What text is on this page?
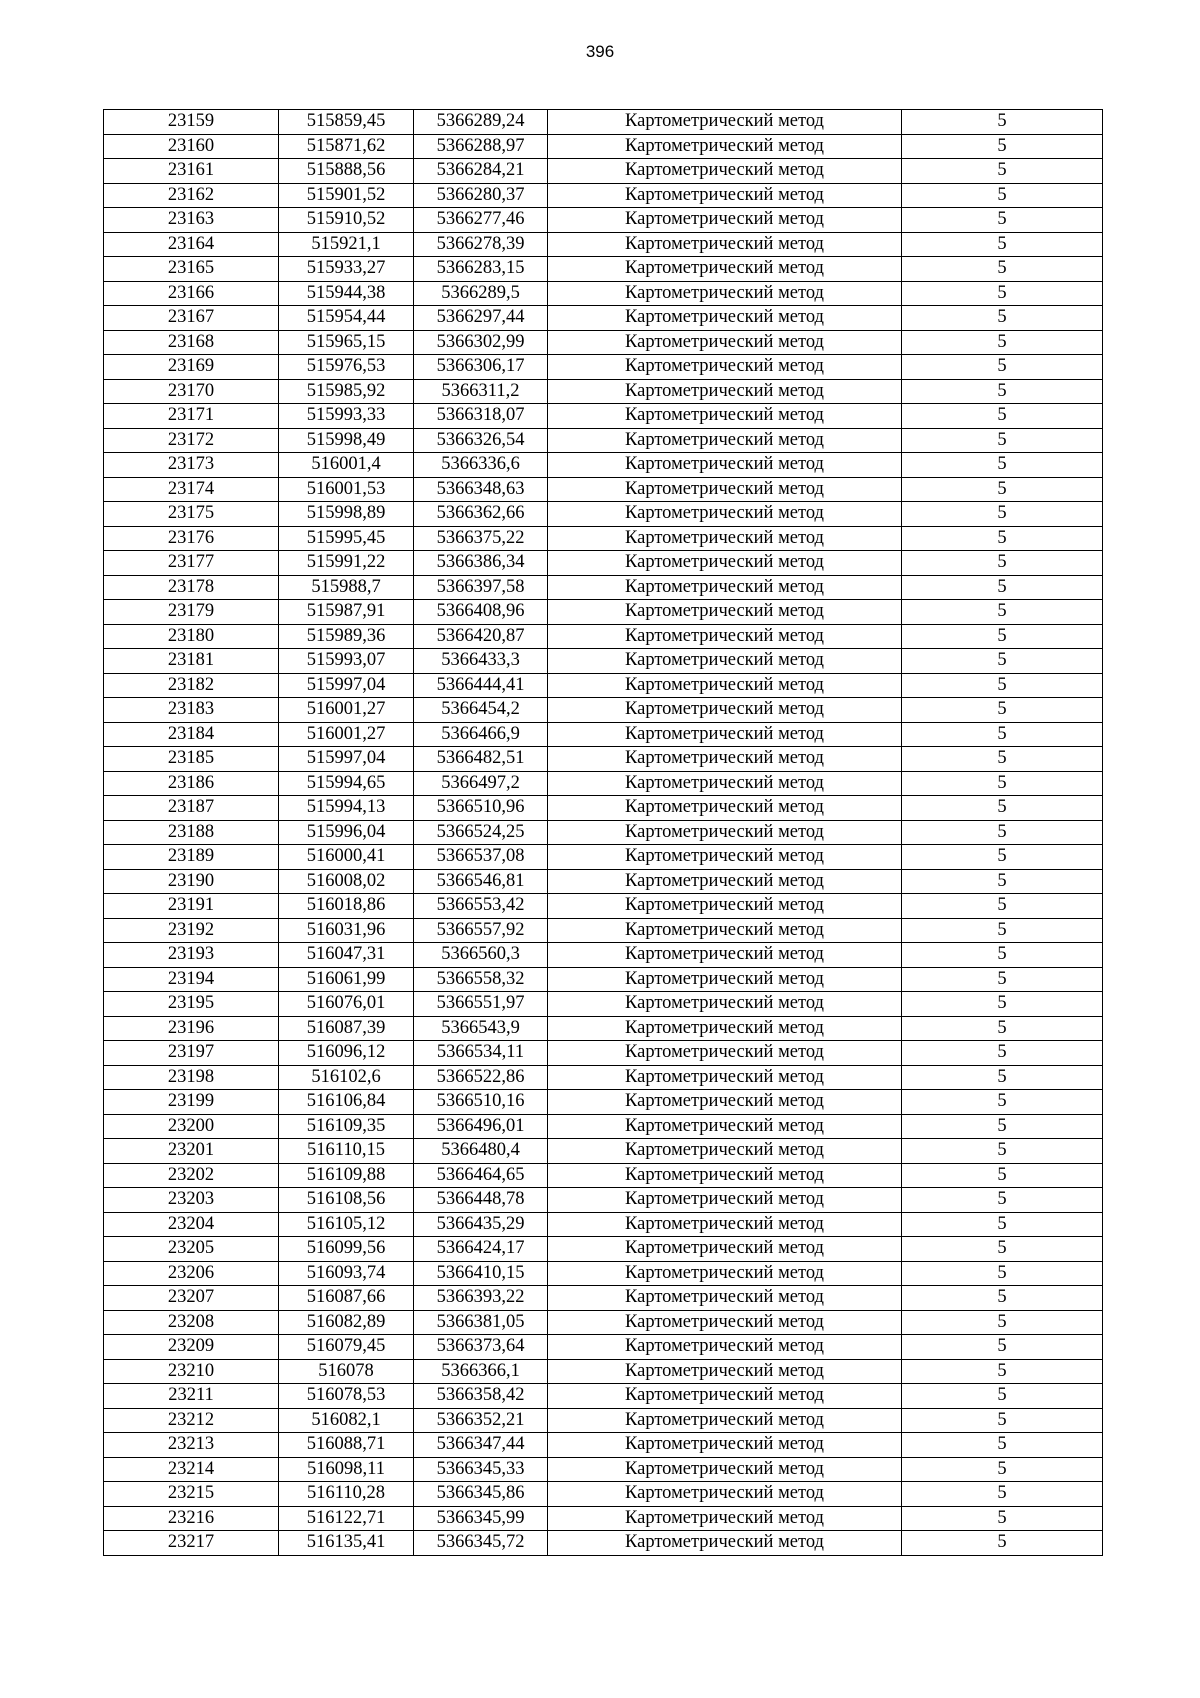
396
23159	515859,45	5366289,24	Картометрический метод	5
23160	515871,62	5366288,97	Картометрический метод	5
23161	515888,56	5366284,21	Картометрический метод	5
23162	515901,52	5366280,37	Картометрический метод	5
23163	515910,52	5366277,46	Картометрический метод	5
23164	515921,1	5366278,39	Картометрический метод	5
23165	515933,27	5366283,15	Картометрический метод	5
23166	515944,38	5366289,5	Картометрический метод	5
23167	515954,44	5366297,44	Картометрический метод	5
23168	515965,15	5366302,99	Картометрический метод	5
23169	515976,53	5366306,17	Картометрический метод	5
23170	515985,92	5366311,2	Картометрический метод	5
23171	515993,33	5366318,07	Картометрический метод	5
23172	515998,49	5366326,54	Картометрический метод	5
23173	516001,4	5366336,6	Картометрический метод	5
23174	516001,53	5366348,63	Картометрический метод	5
23175	515998,89	5366362,66	Картометрический метод	5
23176	515995,45	5366375,22	Картометрический метод	5
23177	515991,22	5366386,34	Картометрический метод	5
23178	515988,7	5366397,58	Картометрический метод	5
23179	515987,91	5366408,96	Картометрический метод	5
23180	515989,36	5366420,87	Картометрический метод	5
23181	515993,07	5366433,3	Картометрический метод	5
23182	515997,04	5366444,41	Картометрический метод	5
23183	516001,27	5366454,2	Картометрический метод	5
23184	516001,27	5366466,9	Картометрический метод	5
23185	515997,04	5366482,51	Картометрический метод	5
23186	515994,65	5366497,2	Картометрический метод	5
23187	515994,13	5366510,96	Картометрический метод	5
23188	515996,04	5366524,25	Картометрический метод	5
23189	516000,41	5366537,08	Картометрический метод	5
23190	516008,02	5366546,81	Картометрический метод	5
23191	516018,86	5366553,42	Картометрический метод	5
23192	516031,96	5366557,92	Картометрический метод	5
23193	516047,31	5366560,3	Картометрический метод	5
23194	516061,99	5366558,32	Картометрический метод	5
23195	516076,01	5366551,97	Картометрический метод	5
23196	516087,39	5366543,9	Картометрический метод	5
23197	516096,12	5366534,11	Картометрический метод	5
23198	516102,6	5366522,86	Картометрический метод	5
23199	516106,84	5366510,16	Картометрический метод	5
23200	516109,35	5366496,01	Картометрический метод	5
23201	516110,15	5366480,4	Картометрический метод	5
23202	516109,88	5366464,65	Картометрический метод	5
23203	516108,56	5366448,78	Картометрический метод	5
23204	516105,12	5366435,29	Картометрический метод	5
23205	516099,56	5366424,17	Картометрический метод	5
23206	516093,74	5366410,15	Картометрический метод	5
23207	516087,66	5366393,22	Картометрический метод	5
23208	516082,89	5366381,05	Картометрический метод	5
23209	516079,45	5366373,64	Картометрический метод	5
23210	516078	5366366,1	Картометрический метод	5
23211	516078,53	5366358,42	Картометрический метод	5
23212	516082,1	5366352,21	Картометрический метод	5
23213	516088,71	5366347,44	Картометрический метод	5
23214	516098,11	5366345,33	Картометрический метод	5
23215	516110,28	5366345,86	Картометрический метод	5
23216	516122,71	5366345,99	Картометрический метод	5
23217	516135,41	5366345,72	Картометрический метод	5
